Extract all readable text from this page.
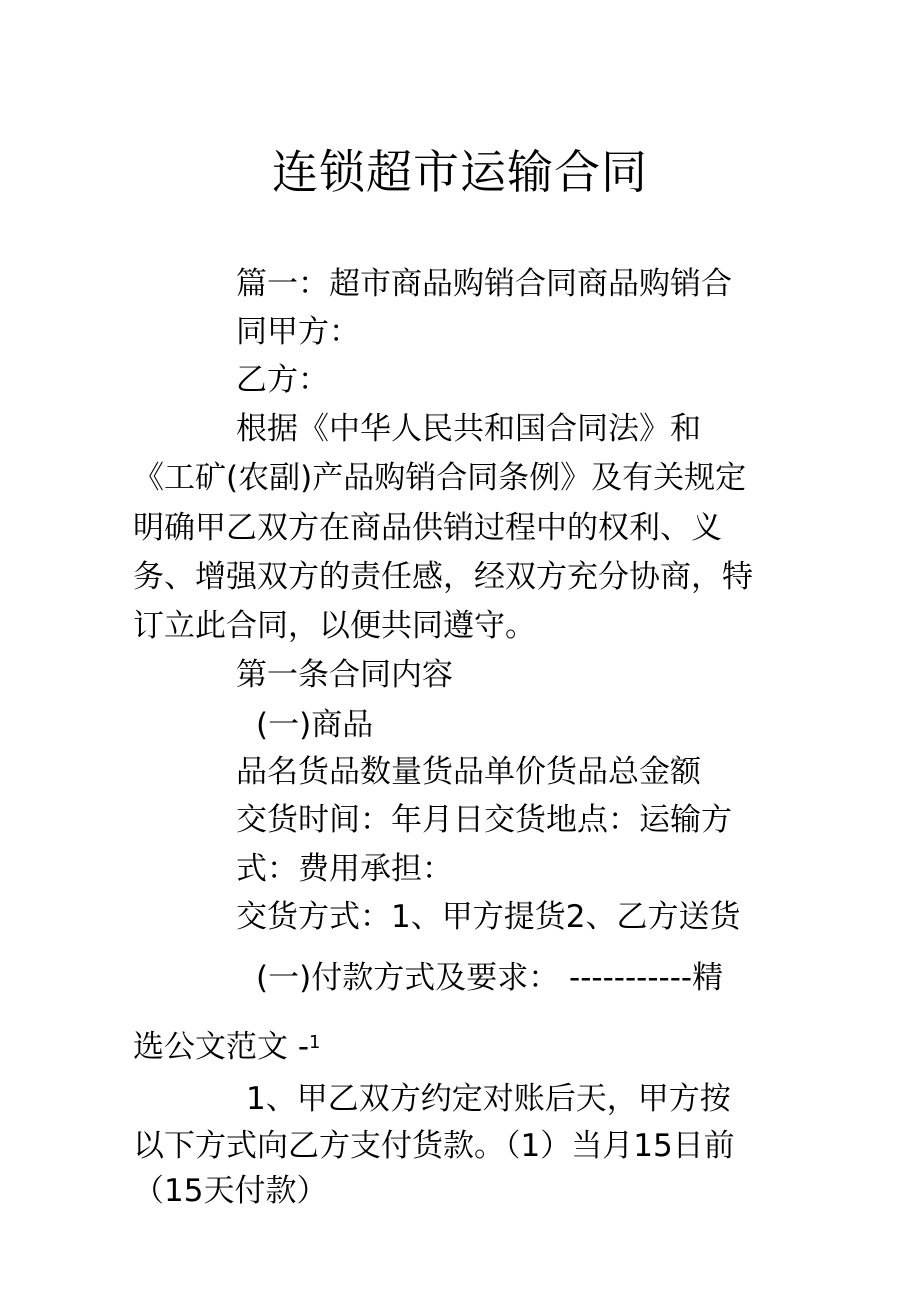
连锁超市运输合同
篇一：超市商品购销合同商品购销合
同甲方：
乙方：
根据《中华人民共和国合同法》和
《工矿(农副)产品购销合同条例》及有关规定
明确甲乙双方在商品供销过程中的权利、义
务、增强双方的责任感，经双方充分协商，特
订立此合同，以便共同遵守。
第一条合同内容
(一)商品
品名货品数量货品单价货品总金额
交货时间：年月日交货地点：运输方
式：费用承担：
交货方式：1、甲方提货2、乙方送货
(一)付款方式及要求： -----------精
选公文范文 -$^1$
1、甲乙双方约定对账后天，甲方按
以下方式向乙方支付货款。（1）当月15日前
（15天付款）
